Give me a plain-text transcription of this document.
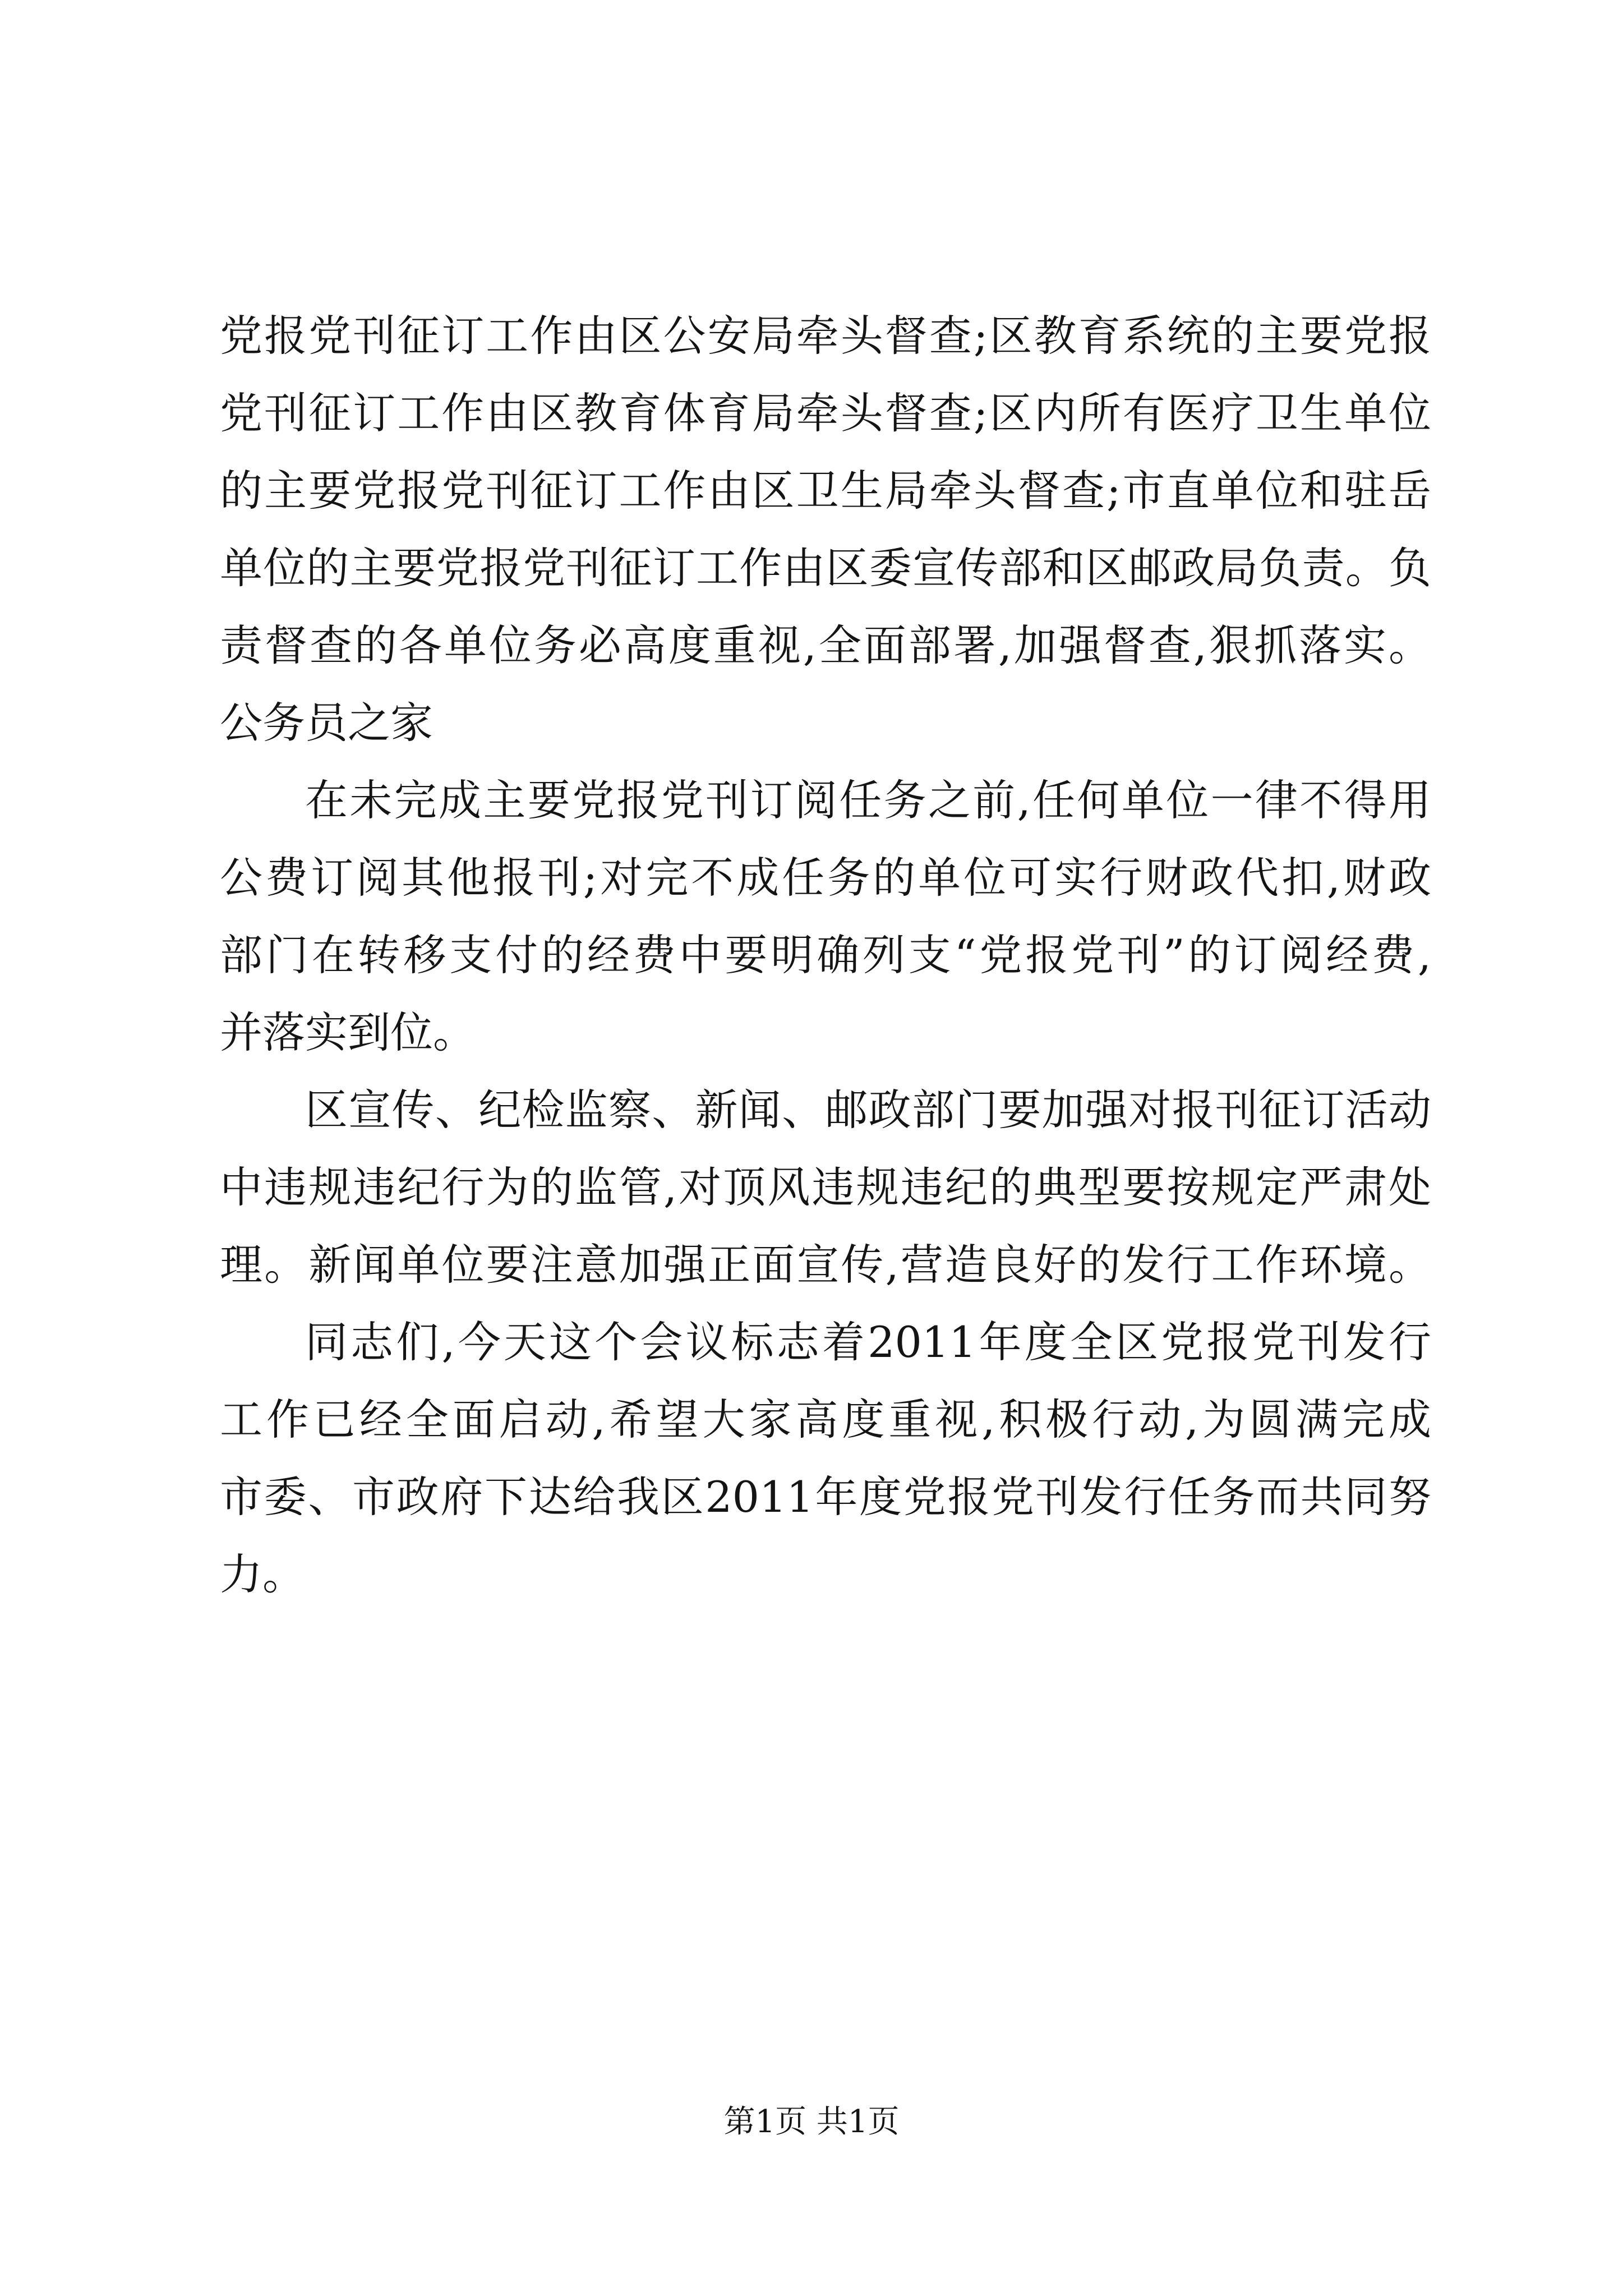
党报党刊征订工作由区公安局牵头督查;区教育系统的主要党报
党刊征订工作由区教育体育局牵头督查;区内所有医疗卫生单位
的主要党报党刊征订工作由区卫生局牵头督查;市直单位和驻岳
单位的主要党报党刊征订工作由区委宣传部和区邮政局负责。负
责督查的各单位务必高度重视,全面部署,加强督查,狠抓落实。
公务员之家
在未完成主要党报党刊订阅任务之前,任何单位一律不得用
公费订阅其他报刊;对完不成任务的单位可实行财政代扣,财政
部门在转移支付的经费中要明确列支“党报党刊”的订阅经费,
并落实到位。
区宣传、纪检监察、新闻、邮政部门要加强对报刊征订活动
中违规违纪行为的监管,对顶风违规违纪的典型要按规定严肃处
理。新闻单位要注意加强正面宣传,营造良好的发行工作环境。
同志们,今天这个会议标志着2011年度全区党报党刊发行
工作已经全面启动,希望大家高度重视,积极行动,为圆满完成
市委、市政府下达给我区2011年度党报党刊发行任务而共同努
力。
第1页 共1页
